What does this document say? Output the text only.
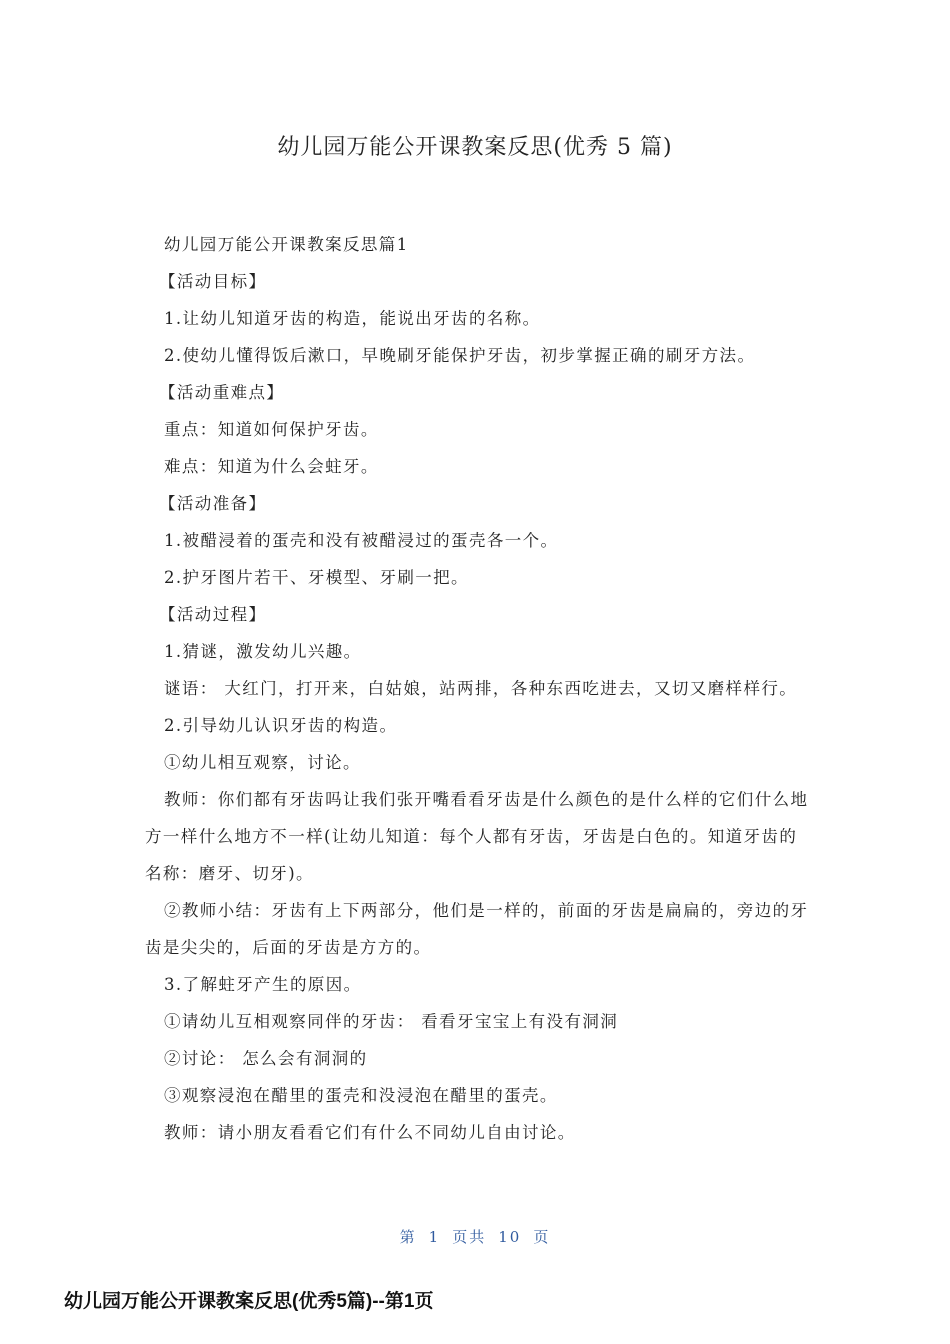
幼儿园万能公开课教案反思(优秀 5 篇)

幼儿园万能公开课教案反思篇1

【活动目标】

1.让幼儿知道牙齿的构造，能说出牙齿的名称。

2.使幼儿懂得饭后漱口，早晚刷牙能保护牙齿，初步掌握正确的刷牙方法。

【活动重难点】

重点：知道如何保护牙齿。

难点：知道为什么会蛀牙。

【活动准备】

1.被醋浸着的蛋壳和没有被醋浸过的蛋壳各一个。

2.护牙图片若干、牙模型、牙刷一把。

【活动过程】

1.猜谜，激发幼儿兴趣。

谜语： 大红门，打开来，白姑娘，站两排，各种东西吃进去，又切又磨样样行。

2.引导幼儿认识牙齿的构造。

①幼儿相互观察，讨论。

教师：你们都有牙齿吗让我们张开嘴看看牙齿是什么颜色的是什么样的它们什么地方一样什么地方不一样(让幼儿知道：每个人都有牙齿，牙齿是白色的。知道牙齿的名称：磨牙、切牙)。

②教师小结：牙齿有上下两部分，他们是一样的，前面的牙齿是扁扁的，旁边的牙齿是尖尖的，后面的牙齿是方方的。

3.了解蛀牙产生的原因。

①请幼儿互相观察同伴的牙齿： 看看牙宝宝上有没有洞洞

②讨论： 怎么会有洞洞的

③观察浸泡在醋里的蛋壳和没浸泡在醋里的蛋壳。

教师：请小朋友看看它们有什么不同幼儿自由讨论。

第 1 页共 10 页
幼儿园万能公开课教案反思(优秀5篇)--第1页
